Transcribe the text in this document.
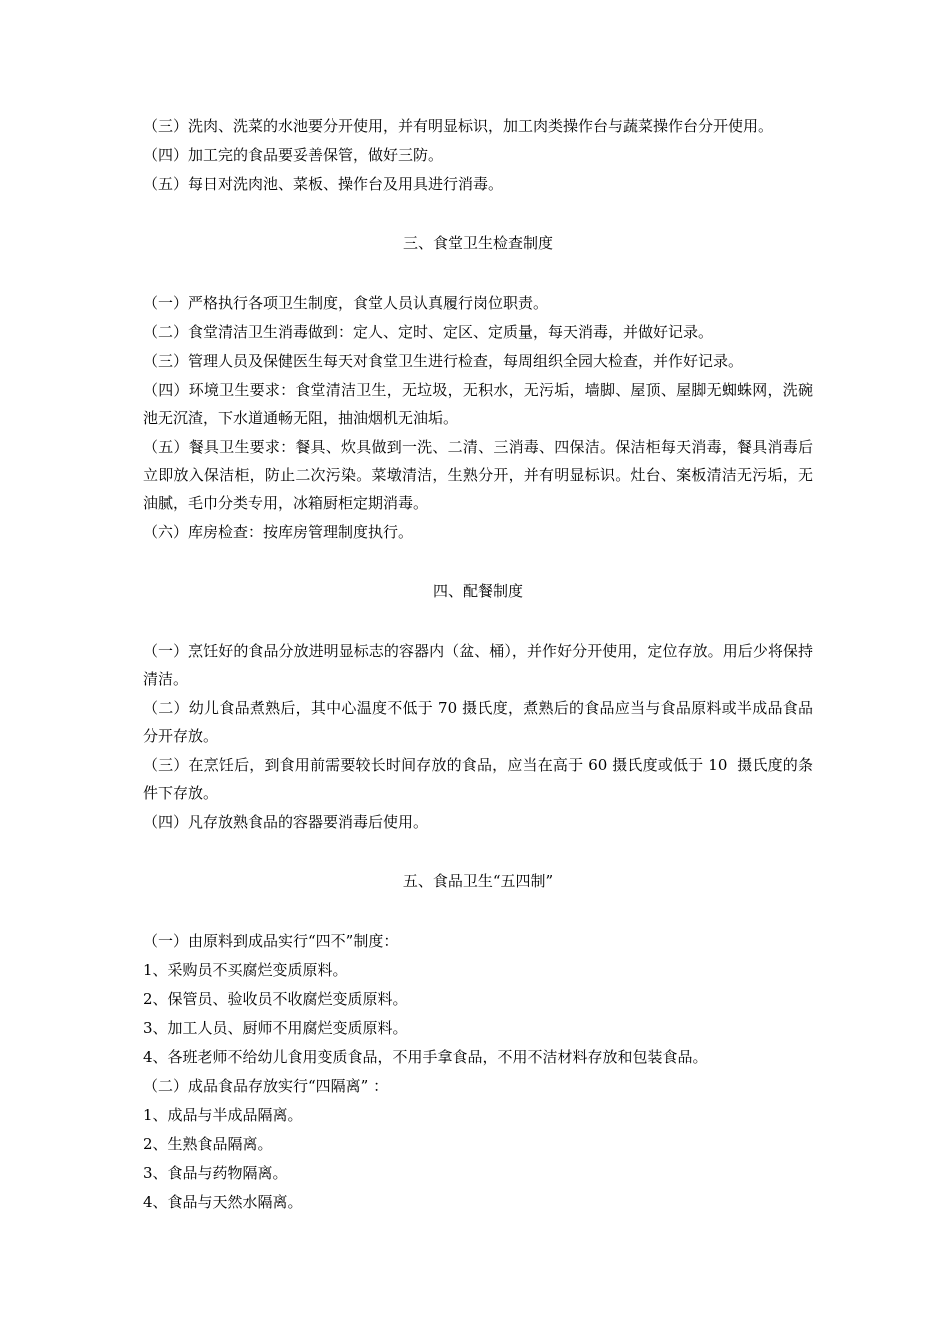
（三）洗肉、洗菜的水池要分开使用，并有明显标识，加工肉类操作台与蔬菜操作台分开使用。

（四）加工完的食品要妥善保管，做好三防。

（五）每日对洗肉池、菜板、操作台及用具进行消毒。

三、食堂卫生检查制度

（一）严格执行各项卫生制度，食堂人员认真履行岗位职责。

（二）食堂清洁卫生消毒做到：定人、定时、定区、定质量，每天消毒，并做好记录。

（三）管理人员及保健医生每天对食堂卫生进行检查，每周组织全园大检查，并作好记录。

（四）环境卫生要求：食堂清洁卫生，无垃圾，无积水，无污垢，墙脚、屋顶、屋脚无蜘蛛网，洗碗池无沉渣，下水道通畅无阻，抽油烟机无油垢。

（五）餐具卫生要求：餐具、炊具做到一洗、二清、三消毒、四保洁。保洁柜每天消毒，餐具消毒后立即放入保洁柜，防止二次污染。菜墩清洁，生熟分开，并有明显标识。灶台、案板清洁无污垢，无油腻，毛巾分类专用，冰箱厨柜定期消毒。

（六）库房检查：按库房管理制度执行。

四、配餐制度

（一）烹饪好的食品分放进明显标志的容器内（盆、桶），并作好分开使用，定位存放。用后少将保持清洁。

（二）幼儿食品煮熟后，其中心温度不低于 70 摄氏度，煮熟后的食品应当与食品原料或半成品食品分开存放。

（三）在烹饪后，到食用前需要较长时间存放的食品，应当在高于 60 摄氏度或低于 10  摄氏度的条件下存放。

（四）凡存放熟食品的容器要消毒后使用。

五、食品卫生“五四制”

（一）由原料到成品实行“四不”制度：

1、采购员不买腐烂变质原料。

2、保管员、验收员不收腐烂变质原料。

3、加工人员、厨师不用腐烂变质原料。

4、各班老师不给幼儿食用变质食品，不用手拿食品，不用不洁材料存放和包装食品。

（二）成品食品存放实行“四隔离” ：

1、成品与半成品隔离。

2、生熟食品隔离。

3、食品与药物隔离。

4、食品与天然水隔离。
